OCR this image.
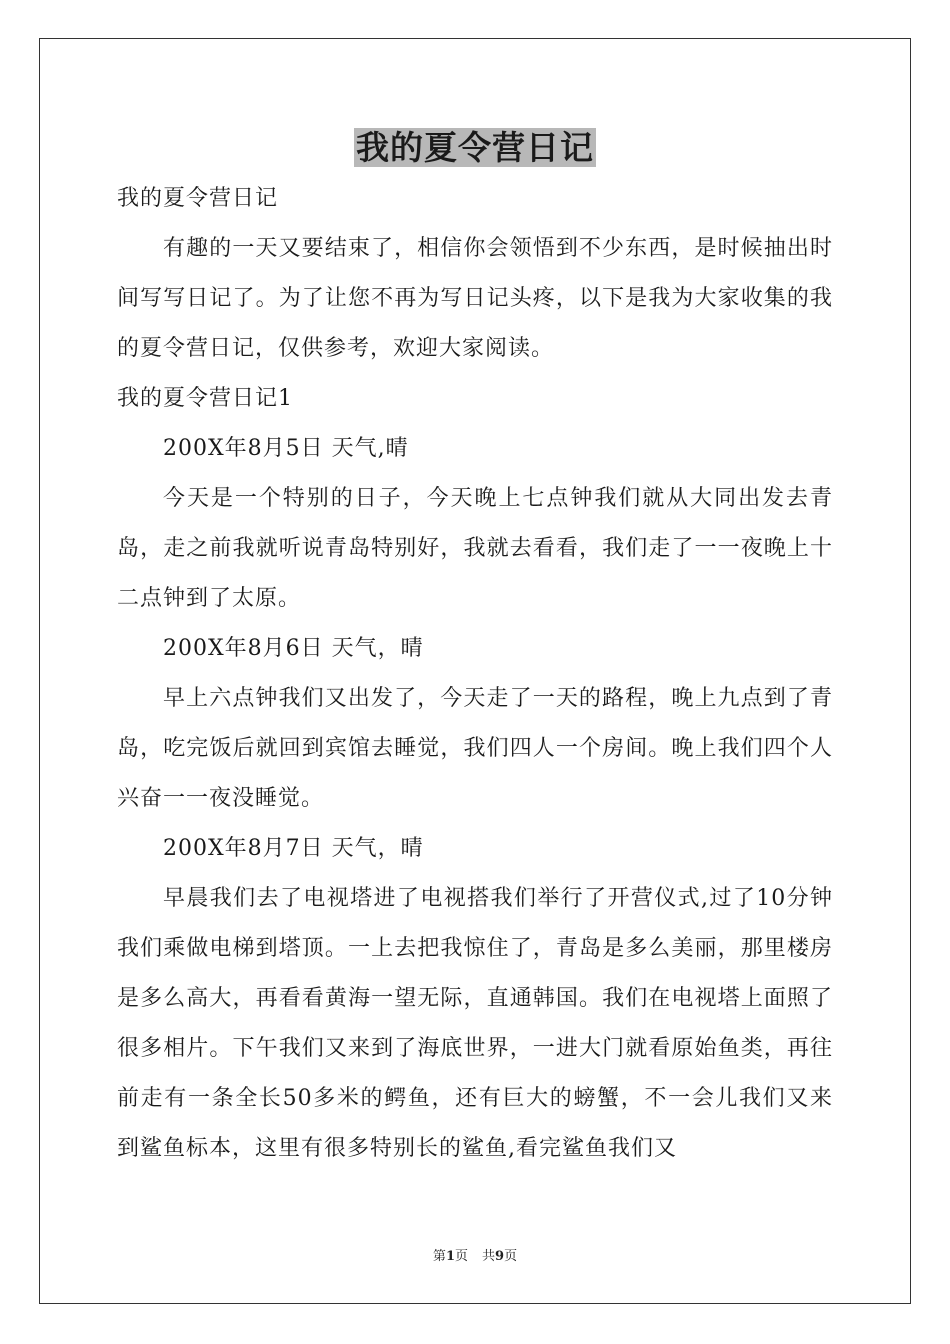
我的夏令营日记

我的夏令营日记

有趣的一天又要结束了，相信你会领悟到不少东西，是时候抽出时间写写日记了。为了让您不再为写日记头疼，以下是我为大家收集的我的夏令营日记，仅供参考，欢迎大家阅读。

我的夏令营日记1

200X年8月5日 天气,晴

今天是一个特别的日子，今天晚上七点钟我们就从大同出发去青岛，走之前我就听说青岛特别好，我就去看看，我们走了一一夜晚上十二点钟到了太原。

200X年8月6日 天气，晴

早上六点钟我们又出发了，今天走了一天的路程，晚上九点到了青岛，吃完饭后就回到宾馆去睡觉，我们四人一个房间。晚上我们四个人兴奋一一夜没睡觉。

200X年8月7日 天气，晴

早晨我们去了电视塔进了电视搭我们举行了开营仪式,过了10分钟我们乘做电梯到塔顶。一上去把我惊住了，青岛是多么美丽，那里楼房是多么高大，再看看黄海一望无际，直通韩国。我们在电视塔上面照了很多相片。下午我们又来到了海底世界，一进大门就看原始鱼类，再往前走有一条全长50多米的鳄鱼，还有巨大的螃蟹，不一会儿我们又来到鲨鱼标本，这里有很多特别长的鲨鱼,看完鲨鱼我们又

第1页 共9页
